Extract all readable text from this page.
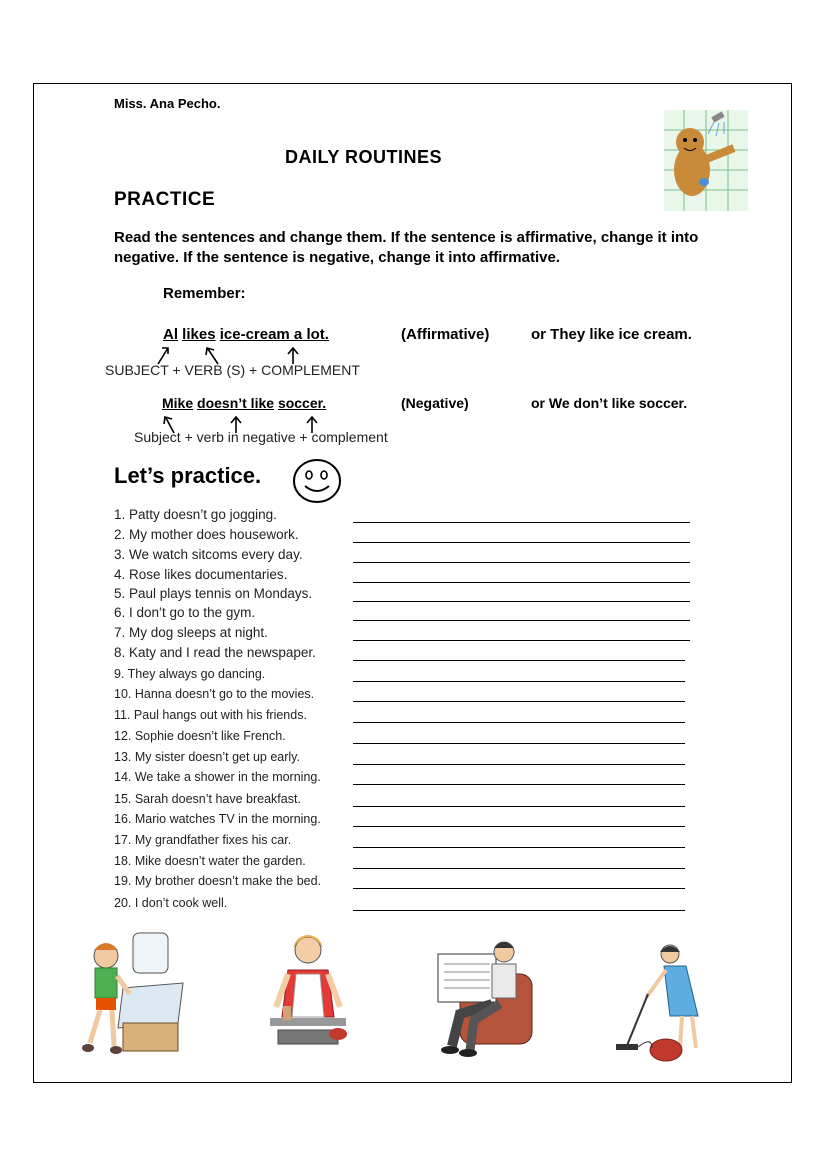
Miss. Ana Pecho.
DAILY ROUTINES
PRACTICE
Read the sentences and change them. If the sentence is affirmative, change it into negative. If the sentence is negative, change it into affirmative.
Remember:
Al likes ice-cream a lot.	(Affirmative)	or They like ice cream.
SUBJECT + VERB (S) + COMPLEMENT
Mike doesn’t like soccer.	(Negative)	or We don’t like soccer.
Subject + verb in negative + complement
Let’s practice.
1. Patty doesn’t go jogging.
2. My mother does housework.
3. We watch sitcoms every day.
4. Rose likes documentaries.
5. Paul plays tennis on Mondays.
6. I don’t go to the gym.
7. My dog sleeps at night.
8. Katy and I read the newspaper.
9. They always go dancing.
10. Hanna doesn’t go to the movies.
11. Paul hangs out with his friends.
12. Sophie doesn’t like French.
13. My sister doesn’t get up early.
14. We take a shower in the morning.
15. Sarah doesn’t have breakfast.
16. Mario watches TV in the morning.
17. My grandfather fixes his car.
18. Mike doesn’t water the garden.
19. My brother doesn’t make the bed.
20. I don’t cook well.
